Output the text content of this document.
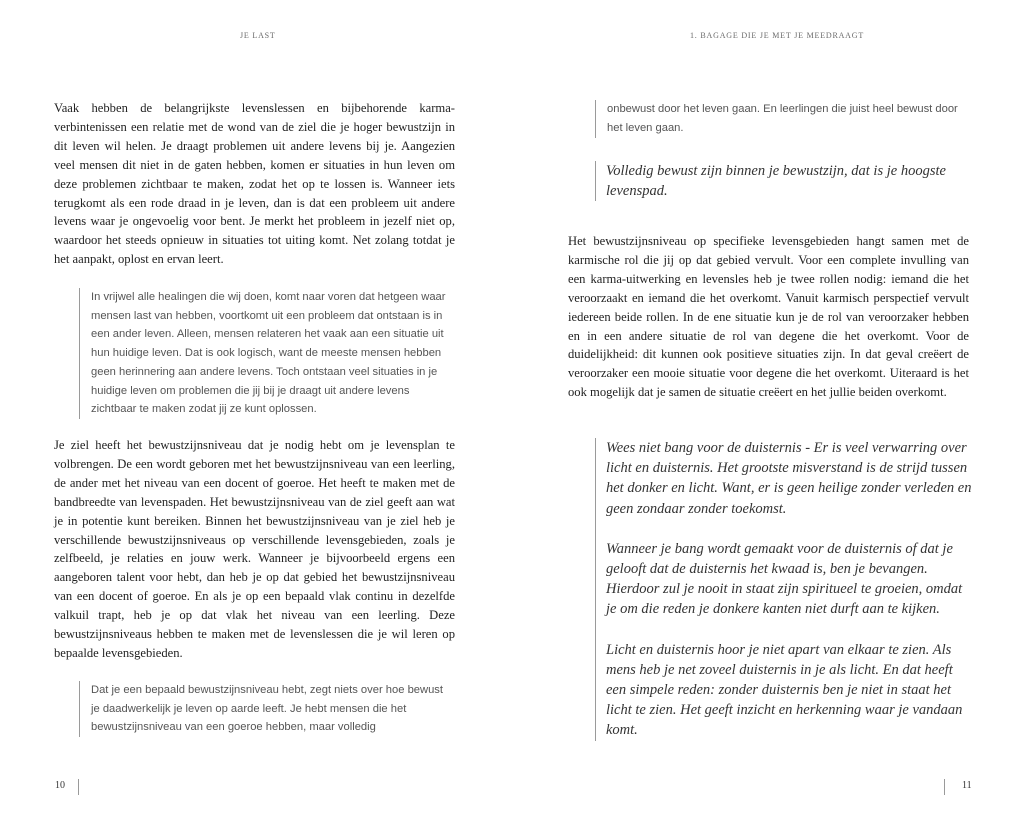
JE LAST

Vaak hebben de belangrijkste levenslessen en bijbehorende karma-verbintenissen een relatie met de wond van de ziel die je hoger bewustzijn in dit leven wil helen. Je draagt problemen uit andere levens bij je. Aangezien veel mensen dit niet in de gaten hebben, komen er situaties in hun leven om deze problemen zichtbaar te maken, zodat het op te lossen is. Wanneer iets terugkomt als een rode draad in je leven, dan is dat een probleem uit andere levens waar je ongevoelig voor bent. Je merkt het probleem in jezelf niet op, waardoor het steeds opnieuw in situaties tot uiting komt. Net zolang totdat je het aanpakt, oplost en ervan leert.

In vrijwel alle healingen die wij doen, komt naar voren dat hetgeen waar mensen last van hebben, voortkomt uit een probleem dat ontstaan is in een ander leven. Alleen, mensen relateren het vaak aan een situatie uit hun huidige leven. Dat is ook logisch, want de meeste mensen hebben geen herinnering aan andere levens. Toch ontstaan veel situaties in je huidige leven om problemen die jij bij je draagt uit andere levens zichtbaar te maken zodat jij ze kunt oplossen.

Je ziel heeft het bewustzijnsniveau dat je nodig hebt om je levensplan te volbrengen. De een wordt geboren met het bewustzijnsniveau van een leerling, de ander met het niveau van een docent of goeroe. Het heeft te maken met de bandbreedte van levenspaden. Het bewustzijnsniveau van de ziel geeft aan wat je in potentie kunt bereiken. Binnen het bewustzijnsniveau van je ziel heb je verschillende bewustzijnsniveaus op verschillende levensgebieden, zoals je zelfbeeld, je relaties en jouw werk. Wanneer je bijvoorbeeld ergens een aangeboren talent voor hebt, dan heb je op dat gebied het bewustzijnsniveau van een docent of goeroe. En als je op een bepaald vlak continu in dezelfde valkuil trapt, heb je op dat vlak het niveau van een leerling. Deze bewustzijnsniveaus hebben te maken met de levenslessen die je wil leren op bepaalde levensgebieden.

Dat je een bepaald bewustzijnsniveau hebt, zegt niets over hoe bewust je daadwerkelijk je leven op aarde leeft. Je hebt mensen die het bewustzijnsniveau van een goeroe hebben, maar volledig
10
1. BAGAGE DIE JE MET JE MEEDRAAGT
onbewust door het leven gaan. En leerlingen die juist heel bewust door het leven gaan.

Volledig bewust zijn binnen je bewustzijn, dat is je hoogste levenspad.

Het bewustzijnsniveau op specifieke levensgebieden hangt samen met de karmische rol die jij op dat gebied vervult. Voor een complete invulling van een karma-uitwerking en levensles heb je twee rollen nodig: iemand die het veroorzaakt en iemand die het overkomt. Vanuit karmisch perspectief vervult iedereen beide rollen. In de ene situatie kun je de rol van veroorzaker hebben en in een andere situatie de rol van degene die het overkomt. Voor de duidelijkheid: dit kunnen ook positieve situaties zijn. In dat geval creëert de veroorzaker een mooie situatie voor degene die het overkomt. Uiteraard is het ook mogelijk dat je samen de situatie creëert en het jullie beiden overkomt.

Wees niet bang voor de duisternis - Er is veel verwarring over licht en duisternis. Het grootste misverstand is de strijd tussen het donker en licht. Want, er is geen heilige zonder verleden en geen zondaar zonder toekomst.

Wanneer je bang wordt gemaakt voor de duisternis of dat je gelooft dat de duisternis het kwaad is, ben je bevangen. Hierdoor zul je nooit in staat zijn spiritueel te groeien, omdat je om die reden je donkere kanten niet durft aan te kijken.

Licht en duisternis hoor je niet apart van elkaar te zien. Als mens heb je net zoveel duisternis in je als licht. En dat heeft een simpele reden: zonder duisternis ben je niet in staat het licht te zien. Het geeft inzicht en herkenning waar je vandaan komt.

11
